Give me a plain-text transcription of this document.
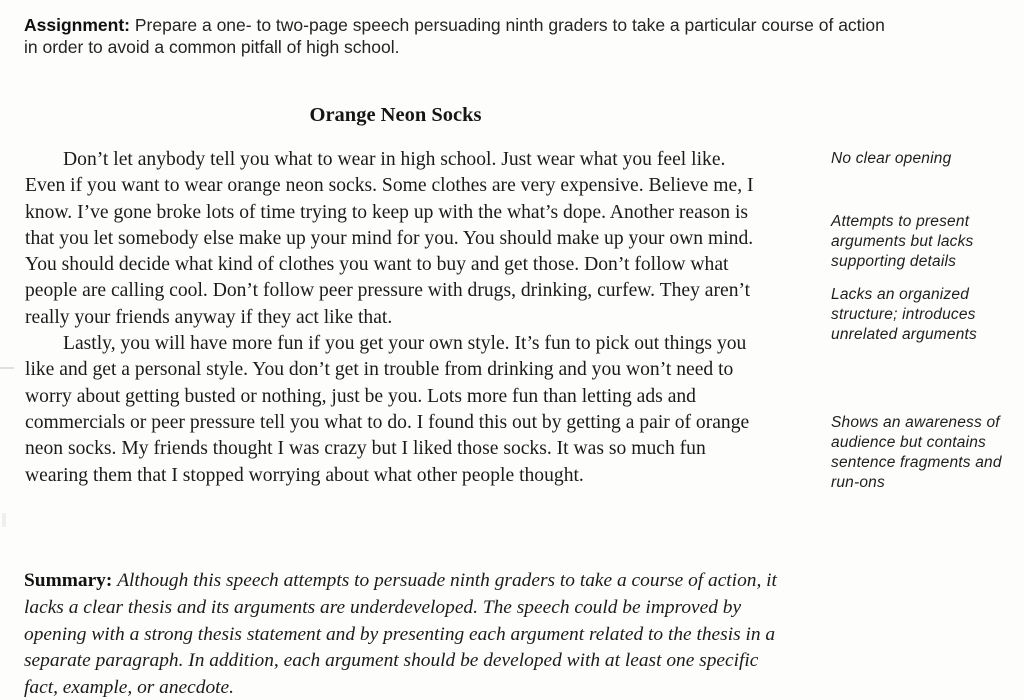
Assignment: Prepare a one- to two-page speech persuading ninth graders to take a particular course of action in order to avoid a common pitfall of high school.

Orange Neon Socks

Don’t let anybody tell you what to wear in high school. Just wear what you feel like. Even if you want to wear orange neon socks. Some clothes are very expensive. Believe me, I know. I’ve gone broke lots of time trying to keep up with the what’s dope. Another reason is that you let somebody else make up your mind for you. You should make up your own mind. You should decide what kind of clothes you want to buy and get those. Don’t follow what people are calling cool. Don’t follow peer pressure with drugs, drinking, curfew. They aren’t really your friends anyway if they act like that.

Lastly, you will have more fun if you get your own style. It’s fun to pick out things you like and get a personal style. You don’t get in trouble from drinking and you won’t need to worry about getting busted or nothing, just be you. Lots more fun than letting ads and commercials or peer pressure tell you what to do. I found this out by getting a pair of orange neon socks. My friends thought I was crazy but I liked those socks. It was so much fun wearing them that I stopped worrying about what other people thought.

No clear opening

Attempts to present arguments but lacks supporting details

Lacks an organized structure; introduces unrelated arguments

Shows an awareness of audience but contains sentence fragments and run-ons

Summary: Although this speech attempts to persuade ninth graders to take a course of action, it lacks a clear thesis and its arguments are underdeveloped. The speech could be improved by opening with a strong thesis statement and by presenting each argument related to the thesis in a separate paragraph. In addition, each argument should be developed with at least one specific fact, example, or anecdote.
